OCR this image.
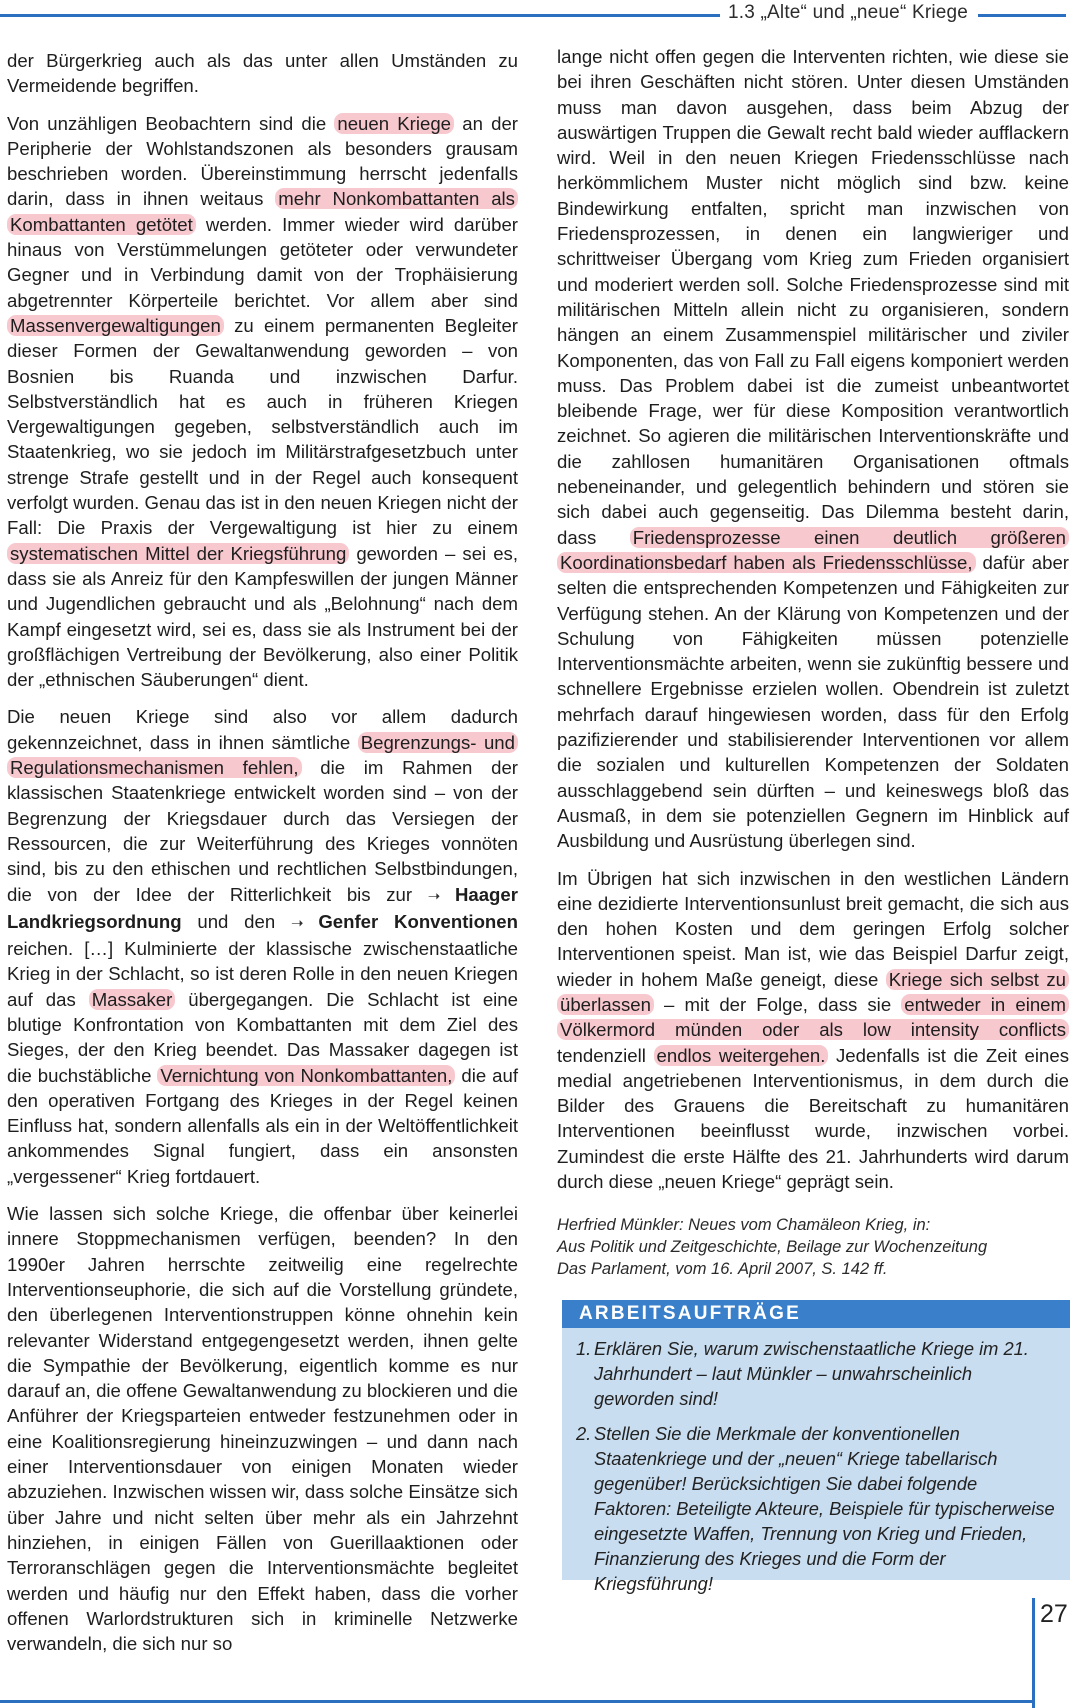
1.3 „Alte“ und „neue“ Kriege

der Bürgerkrieg auch als das unter allen Umständen zu Vermeidende begriffen.

Von unzähligen Beobachtern sind die neuen Kriege an der Peripherie der Wohlstandszonen als besonders grausam beschrieben worden. Übereinstimmung herrscht jedenfalls darin, dass in ihnen weitaus mehr Nonkombattanten als Kombattanten getötet werden. Immer wieder wird darüber hinaus von Verstümmelungen getöteter oder verwundeter Gegner und in Verbindung damit von der Trophäisierung abgetrennter Körperteile berichtet. Vor allem aber sind Massenvergewaltigungen zu einem permanenten Begleiter dieser Formen der Gewaltanwendung geworden – von Bosnien bis Ruanda und inzwischen Darfur. Selbstverständlich hat es auch in früheren Kriegen Vergewaltigungen gegeben, selbstverständlich auch im Staatenkrieg, wo sie jedoch im Militärstrafgesetzbuch unter strenge Strafe gestellt und in der Regel auch konsequent verfolgt wurden. Genau das ist in den neuen Kriegen nicht der Fall: Die Praxis der Vergewaltigung ist hier zu einem systematischen Mittel der Kriegsführung geworden – sei es, dass sie als Anreiz für den Kampfeswillen der jungen Männer und Jugendlichen gebraucht und als „Belohnung“ nach dem Kampf eingesetzt wird, sei es, dass sie als Instrument bei der großflächigen Vertreibung der Bevölkerung, also einer Politik der „ethnischen Säuberungen“ dient.

Die neuen Kriege sind also vor allem dadurch gekennzeichnet, dass in ihnen sämtliche Begrenzungs- und Regulationsmechanismen fehlen, die im Rahmen der klassischen Staatenkriege entwickelt worden sind – von der Begrenzung der Kriegsdauer durch das Versiegen der Ressourcen, die zur Weiterführung des Krieges vonnöten sind, bis zu den ethischen und rechtlichen Selbstbindungen, die von der Idee der Ritterlichkeit bis zur ➝ Haager Landkriegsordnung und den ➝ Genfer Konventionen reichen. […] Kulminierte der klassische zwischenstaatliche Krieg in der Schlacht, so ist deren Rolle in den neuen Kriegen auf das Massaker übergegangen. Die Schlacht ist eine blutige Konfrontation von Kombattanten mit dem Ziel des Sieges, der den Krieg beendet. Das Massaker dagegen ist die buchstäbliche Vernichtung von Nonkombattanten, die auf den operativen Fortgang des Krieges in der Regel keinen Einfluss hat, sondern allenfalls als ein in der Weltöffentlichkeit ankommendes Signal fungiert, dass ein ansonsten „vergessener“ Krieg fortdauert.

Wie lassen sich solche Kriege, die offenbar über keinerlei innere Stoppmechanismen verfügen, beenden? In den 1990er Jahren herrschte zeitweilig eine regelrechte Interventionseuphorie, die sich auf die Vorstellung gründete, den überlegenen Interventionstruppen könne ohnehin kein relevanter Widerstand entgegengesetzt werden, ihnen gelte die Sympathie der Bevölkerung, eigentlich komme es nur darauf an, die offene Gewaltanwendung zu blockieren und die Anführer der Kriegsparteien entweder festzunehmen oder in eine Koalitionsregierung hineinzuzwingen – und dann nach einer Interventionsdauer von einigen Monaten wieder abzuziehen. Inzwischen wissen wir, dass solche Einsätze sich über Jahre und nicht selten über mehr als ein Jahrzehnt hinziehen, in einigen Fällen von Guerillaaktionen oder Terroranschlägen gegen die Interventionsmächte begleitet werden und häufig nur den Effekt haben, dass die vorher offenen Warlordstrukturen sich in kriminelle Netzwerke verwandeln, die sich nur so

lange nicht offen gegen die Interventen richten, wie diese sie bei ihren Geschäften nicht stören. Unter diesen Umständen muss man davon ausgehen, dass beim Abzug der auswärtigen Truppen die Gewalt recht bald wieder aufflackern wird. Weil in den neuen Kriegen Friedensschlüsse nach herkömmlichem Muster nicht möglich sind bzw. keine Bindewirkung entfalten, spricht man inzwischen von Friedensprozessen, in denen ein langwieriger und schrittweiser Übergang vom Krieg zum Frieden organisiert und moderiert werden soll. Solche Friedensprozesse sind mit militärischen Mitteln allein nicht zu organisieren, sondern hängen an einem Zusammenspiel militärischer und ziviler Komponenten, das von Fall zu Fall eigens komponiert werden muss. Das Problem dabei ist die zumeist unbeantwortet bleibende Frage, wer für diese Komposition verantwortlich zeichnet. So agieren die militärischen Interventionskräfte und die zahllosen humanitären Organisationen oftmals nebeneinander, und gelegentlich behindern und stören sie sich dabei auch gegenseitig. Das Dilemma besteht darin, dass Friedensprozesse einen deutlich größeren Koordinationsbedarf haben als Friedensschlüsse, dafür aber selten die entsprechenden Kompetenzen und Fähigkeiten zur Verfügung stehen. An der Klärung von Kompetenzen und der Schulung von Fähigkeiten müssen potenzielle Interventionsmächte arbeiten, wenn sie zukünftig bessere und schnellere Ergebnisse erzielen wollen. Obendrein ist zuletzt mehrfach darauf hingewiesen worden, dass für den Erfolg pazifizierender und stabilisierender Interventionen vor allem die sozialen und kulturellen Kompetenzen der Soldaten ausschlaggebend sein dürften – und keineswegs bloß das Ausmaß, in dem sie potenziellen Gegnern im Hinblick auf Ausbildung und Ausrüstung überlegen sind.

Im Übrigen hat sich inzwischen in den westlichen Ländern eine dezidierte Interventionsunlust breit gemacht, die sich aus den hohen Kosten und dem geringen Erfolg solcher Interventionen speist. Man ist, wie das Beispiel Darfur zeigt, wieder in hohem Maße geneigt, diese Kriege sich selbst zu überlassen – mit der Folge, dass sie entweder in einem Völkermord münden oder als low intensity conflicts tendenziell endlos weitergehen. Jedenfalls ist die Zeit eines medial angetriebenen Interventionismus, in dem durch die Bilder des Grauens die Bereitschaft zu humanitären Interventionen beeinflusst wurde, inzwischen vorbei. Zumindest die erste Hälfte des 21. Jahrhunderts wird darum durch diese „neuen Kriege“ geprägt sein.

Herfried Münkler: Neues vom Chamäleon Krieg, in:
Aus Politik und Zeitgeschichte, Beilage zur Wochenzeitung
Das Parlament, vom 16. April 2007, S. 142 ff.
ARBEITSAUFTRÄGE
1. Erklären Sie, warum zwischenstaatliche Kriege im 21. Jahrhundert – laut Münkler – unwahrscheinlich geworden sind!
2. Stellen Sie die Merkmale der konventionellen Staatenkriege und der „neuen“ Kriege tabellarisch gegenüber! Berücksichtigen Sie dabei folgende Faktoren: Beteiligte Akteure, Beispiele für typischerweise eingesetzte Waffen, Trennung von Krieg und Frieden, Finanzierung des Krieges und die Form der Kriegsführung!
27
